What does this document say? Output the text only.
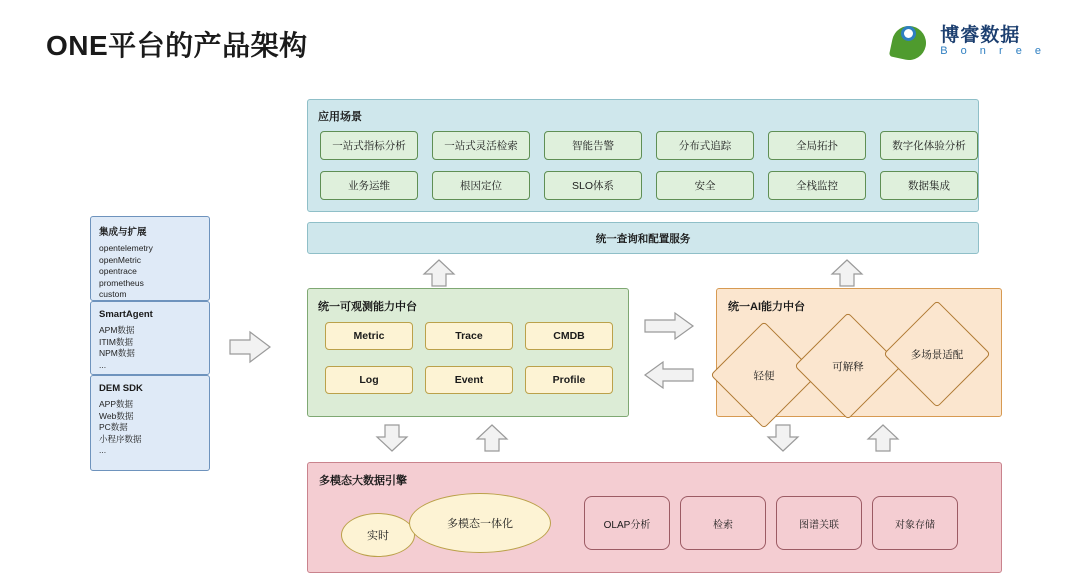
ONE平台的产品架构	博睿数据
B o n r e e
应用场景
一站式指标分析	一站式灵活检索	智能告警	分布式追踪	全局拓扑	数字化体验分析
业务运维	根因定位	SLO体系	安全	全栈监控	数据集成
统一查询和配置服务
集成与扩展
opentelemetry
openMetric
opentrace
prometheus
custom
SmartAgent
APM数据
ITIM数据
NPM数据
...
DEM SDK
APP数据
Web数据
PC数据
小程序数据
...
统一可观测能力中台
Metric	Trace	CMDB
Log	Event	Profile
统一AI能力中台
轻便
可解释
多场景适配
多模态大数据引擎
实时
多模态一体化	OLAP分析	检索	图谱关联	对象存储
